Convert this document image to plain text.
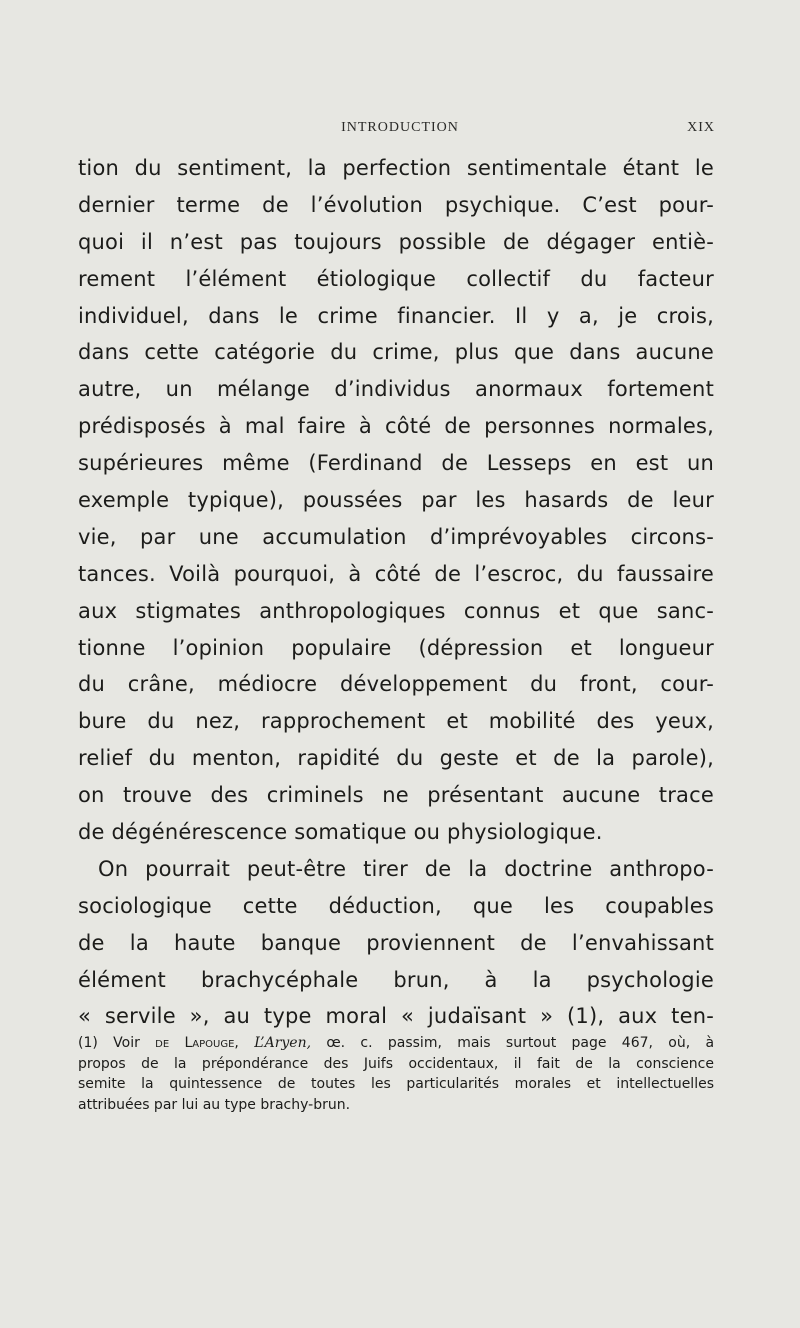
INTRODUCTION	XIX
tion du sentiment, la perfection sentimentale étant le
dernier terme de l’évolution psychique. C’est pour-
quoi il n’est pas toujours possible de dégager entiè-
rement l’élément étiologique collectif du facteur
individuel, dans le crime financier. Il y a, je crois,
dans cette catégorie du crime, plus que dans aucune
autre, un mélange d’individus anormaux fortement
prédisposés à mal faire à côté de personnes normales,
supérieures même (Ferdinand de Lesseps en est un
exemple typique), poussées par les hasards de leur
vie, par une accumulation d’imprévoyables circons-
tances. Voilà pourquoi, à côté de l’escroc, du faussaire
aux stigmates anthropologiques connus et que sanc-
tionne l’opinion populaire (dépression et longueur
du crâne, médiocre développement du front, cour-
bure du nez, rapprochement et mobilité des yeux,
relief du menton, rapidité du geste et de la parole),
on trouve des criminels ne présentant aucune trace
de dégénérescence somatique ou physiologique.
On pourrait peut-être tirer de la doctrine anthropo-
sociologique cette déduction, que les coupables
de la haute banque proviennent de l’envahissant
élément brachycéphale brun, à la psychologie
« servile », au type moral « judaïsant » (1), aux ten-
(1) Voir de Lapouge, L’Aryen, œ. c. passim, mais surtout page 467, où, à
propos de la prépondérance des Juifs occidentaux, il fait de la conscience
semite la quintessence de toutes les particularités morales et intellectuelles
attribuées par lui au type brachy-brun.
